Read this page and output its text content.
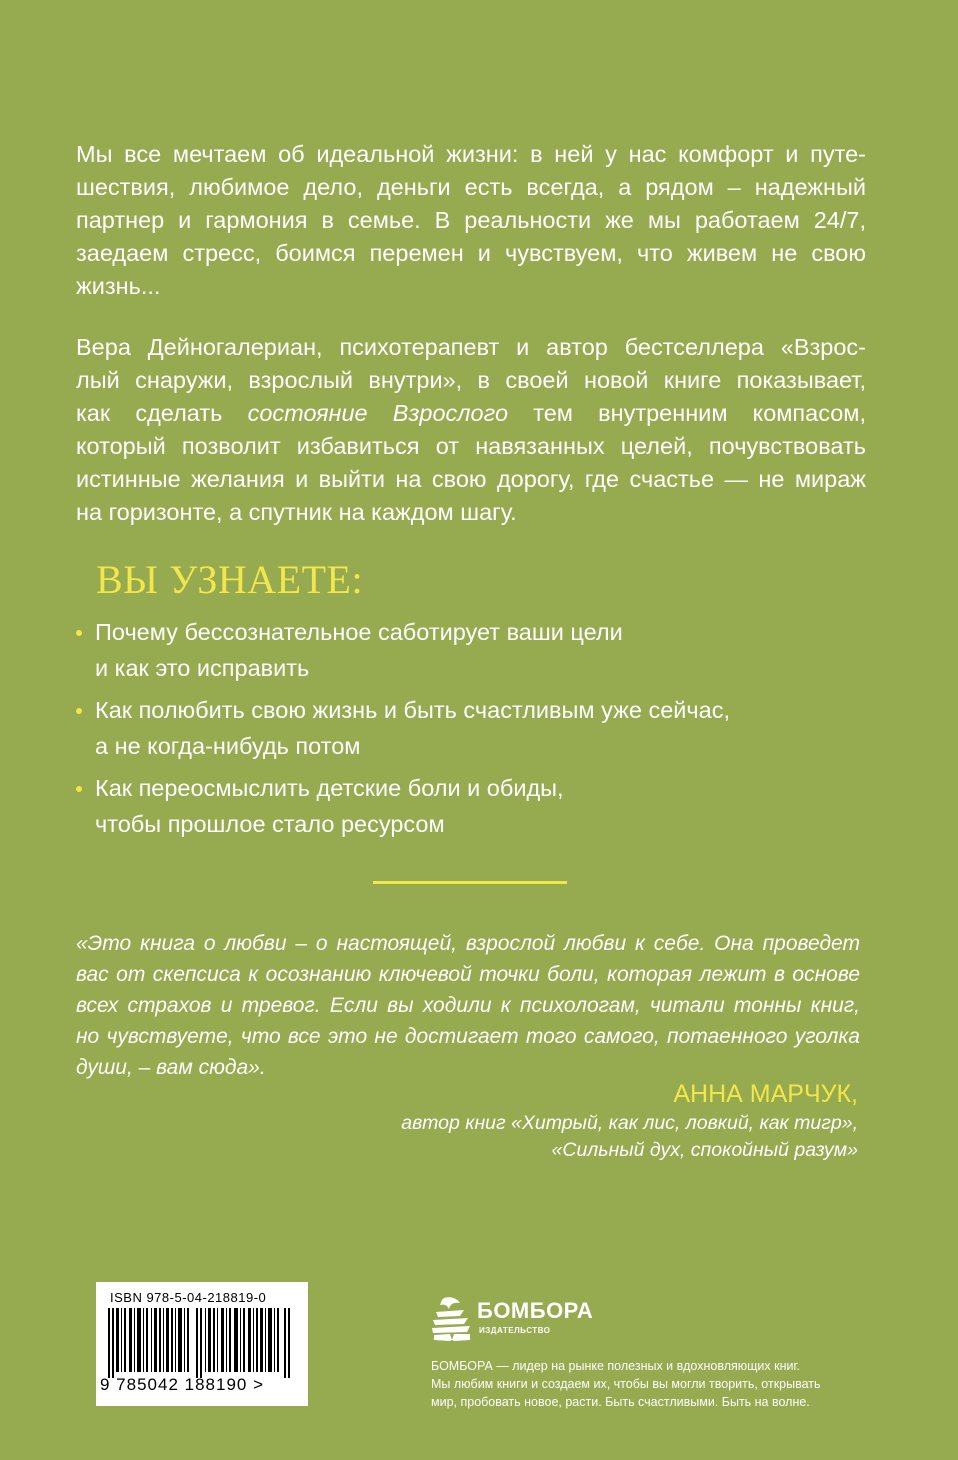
Мы все мечтаем об идеальной жизни: в ней у нас комфорт и путе-
шествия, любимое дело, деньги есть всегда, а рядом – надежный
партнер и гармония в семье. В реальности же мы работаем 24/7,
заедаем стресс, боимся перемен и чувствуем, что живем не свою
жизнь...
Вера Дейногалериан, психотерапевт и автор бестселлера «Взрос-
лый снаружи, взрослый внутри», в своей новой книге показывает,
как сделать состояние Взрослого тем внутренним компасом,
который позволит избавиться от навязанных целей, почувствовать
истинные желания и выйти на свою дорогу, где счастье — не мираж
на горизонте, а спутник на каждом шагу.
ВЫ УЗНАЕТЕ:
Почему бессознательное саботирует ваши цели
и как это исправить
Как полюбить свою жизнь и быть счастливым уже сейчас,
а не когда-нибудь потом
Как переосмыслить детские боли и обиды,
чтобы прошлое стало ресурсом
«Это книга о любви – о настоящей, взрослой любви к себе. Она проведет
вас от скепсиса к осознанию ключевой точки боли, которая лежит в основе
всех страхов и тревог. Если вы ходили к психологам, читали тонны книг,
но чувствуете, что все это не достигает того самого, потаенного уголка
души, – вам сюда».

АННА МАРЧУК,

автор книг «Хитрый, как лис, ловкий, как тигр»,
«Сильный дух, спокойный разум»
ISBN 978-5-04-218819-0
9 785042 188190 >
БОМБОРА
ИЗДАТЕЛЬСТВО
БОМБОРА — лидер на рынке полезных и вдохновляющих книг.
Мы любим книги и создаем их, чтобы вы могли творить, открывать
мир, пробовать новое, расти. Быть счастливыми. Быть на волне.
